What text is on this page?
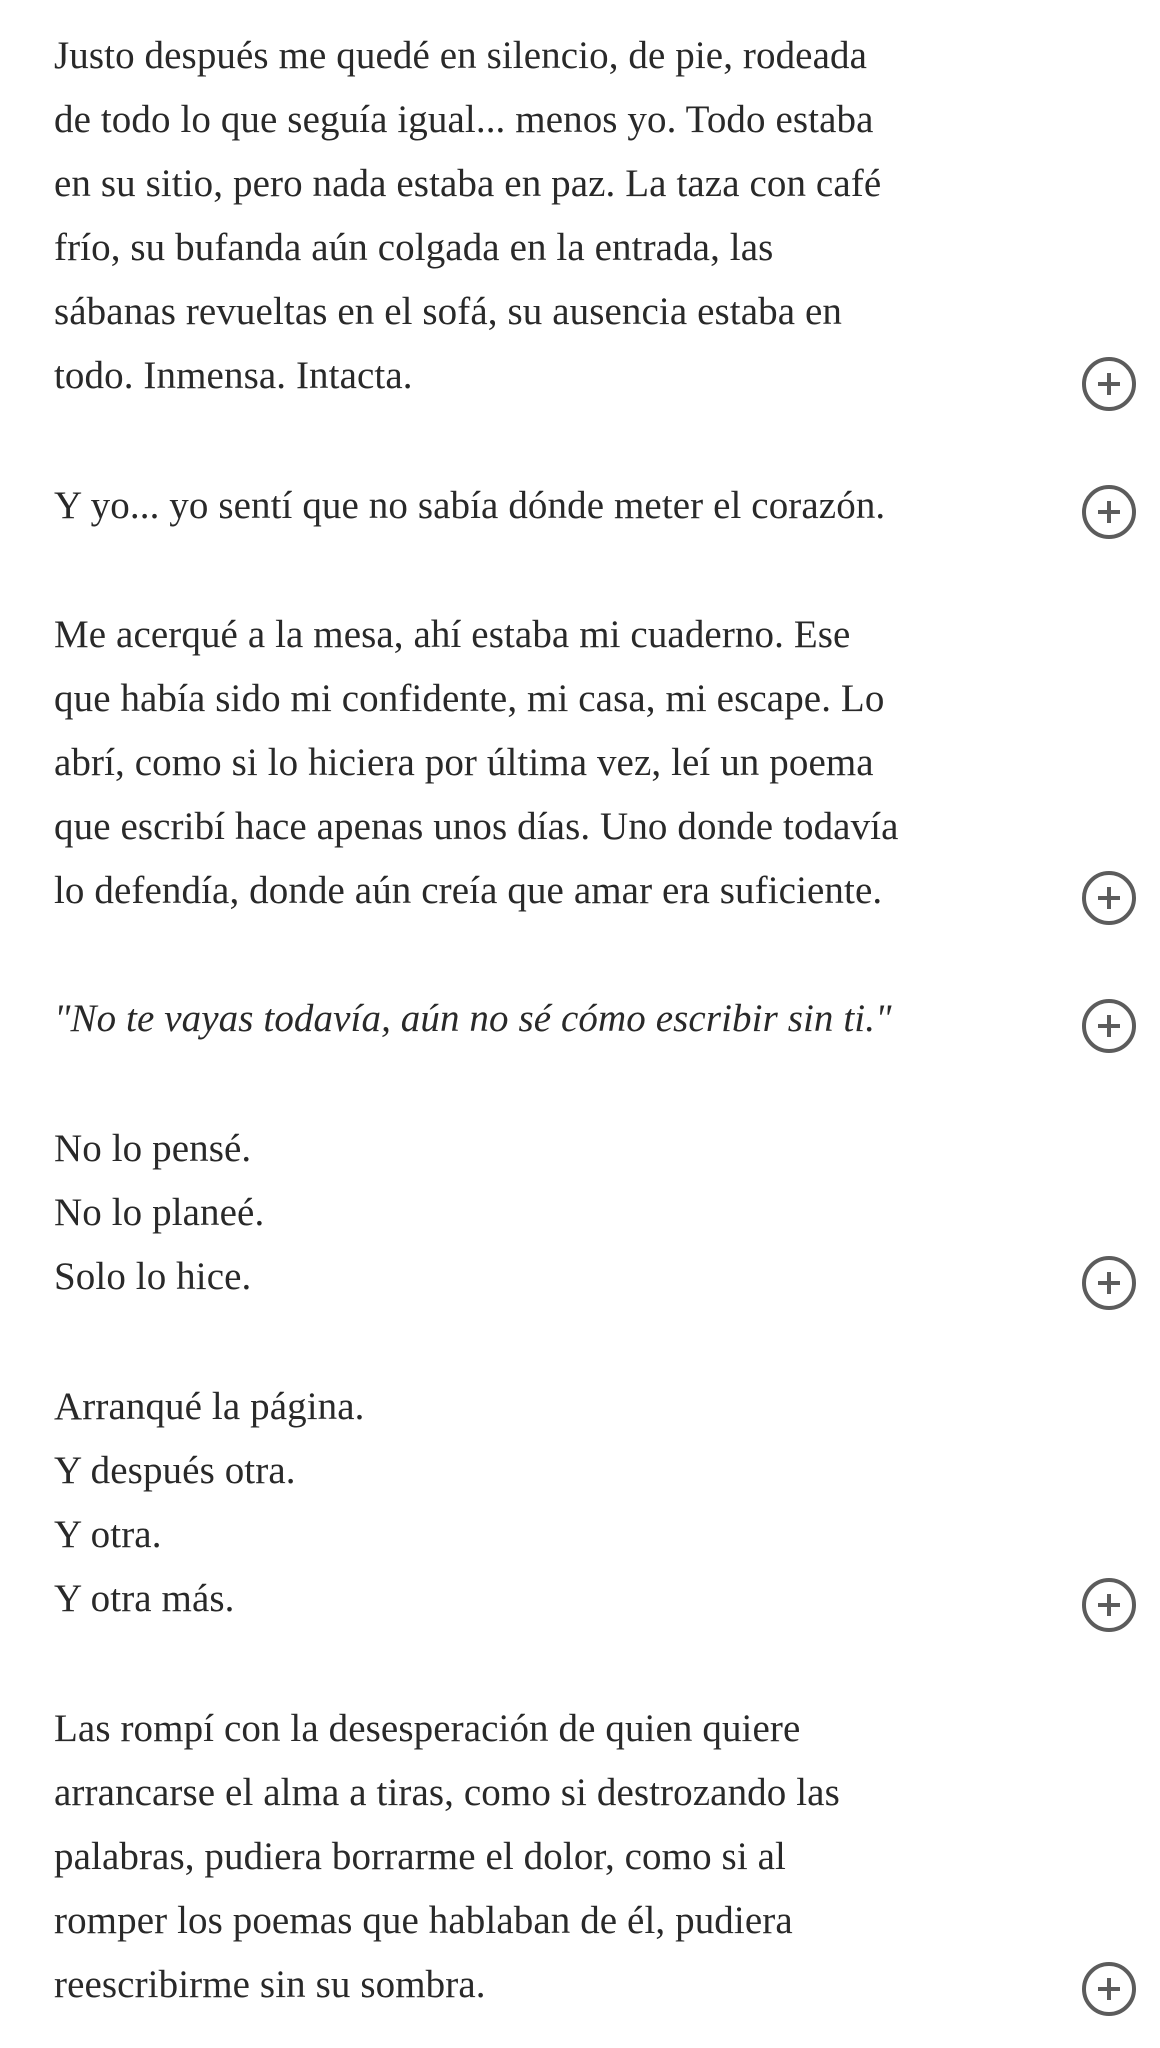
Justo después me quedé en silencio, de pie, rodeada
de todo lo que seguía igual... menos yo. Todo estaba
en su sitio, pero nada estaba en paz. La taza con café
frío, su bufanda aún colgada en la entrada, las
sábanas revueltas en el sofá, su ausencia estaba en
todo. Inmensa. Intacta.

Y yo... yo sentí que no sabía dónde meter el corazón.

Me acerqué a la mesa, ahí estaba mi cuaderno. Ese
que había sido mi confidente, mi casa, mi escape. Lo
abrí, como si lo hiciera por última vez, leí un poema
que escribí hace apenas unos días. Uno donde todavía
lo defendía, donde aún creía que amar era suficiente.

"No te vayas todavía, aún no sé cómo escribir sin ti."

No lo pensé.
No lo planeé.
Solo lo hice.

Arranqué la página.
Y después otra.
Y otra.
Y otra más.

Las rompí con la desesperación de quien quiere
arrancarse el alma a tiras, como si destrozando las
palabras, pudiera borrarme el dolor, como si al
romper los poemas que hablaban de él, pudiera
reescribirme sin su sombra.
